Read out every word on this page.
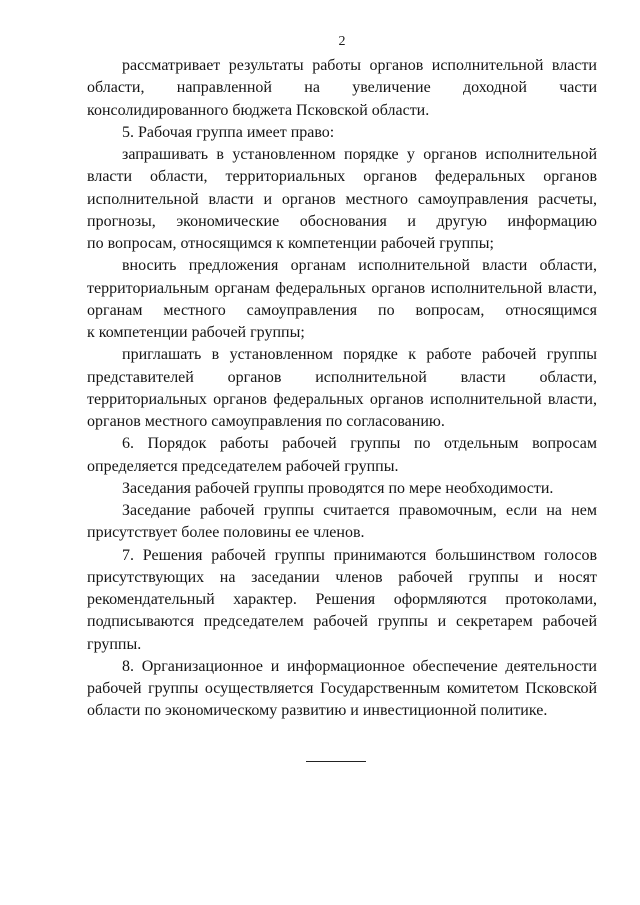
2
рассматривает результаты работы органов исполнительной власти
области, направленной на увеличение доходной части
консолидированного бюджета Псковской области.
5. Рабочая группа имеет право:
запрашивать в установленном порядке у органов исполнительной
власти области, территориальных органов федеральных органов
исполнительной власти и органов местного самоуправления расчеты,
прогнозы, экономические обоснования и другую информацию
по вопросам, относящимся к компетенции рабочей группы;
вносить предложения органам исполнительной власти области,
территориальным органам федеральных органов исполнительной власти,
органам местного самоуправления по вопросам, относящимся
к компетенции рабочей группы;
приглашать в установленном порядке к работе рабочей группы
представителей органов исполнительной власти области,
территориальных органов федеральных органов исполнительной власти,
органов местного самоуправления по согласованию.
6. Порядок работы рабочей группы по отдельным вопросам
определяется председателем рабочей группы.
Заседания рабочей группы проводятся по мере необходимости.
Заседание рабочей группы считается правомочным, если на нем
присутствует более половины ее членов.
7. Решения рабочей группы принимаются большинством голосов
присутствующих на заседании членов рабочей группы и носят
рекомендательный характер. Решения оформляются протоколами,
подписываются председателем рабочей группы и секретарем рабочей
группы.
8. Организационное и информационное обеспечение деятельности
рабочей группы осуществляется Государственным комитетом Псковской
области по экономическому развитию и инвестиционной политике.
